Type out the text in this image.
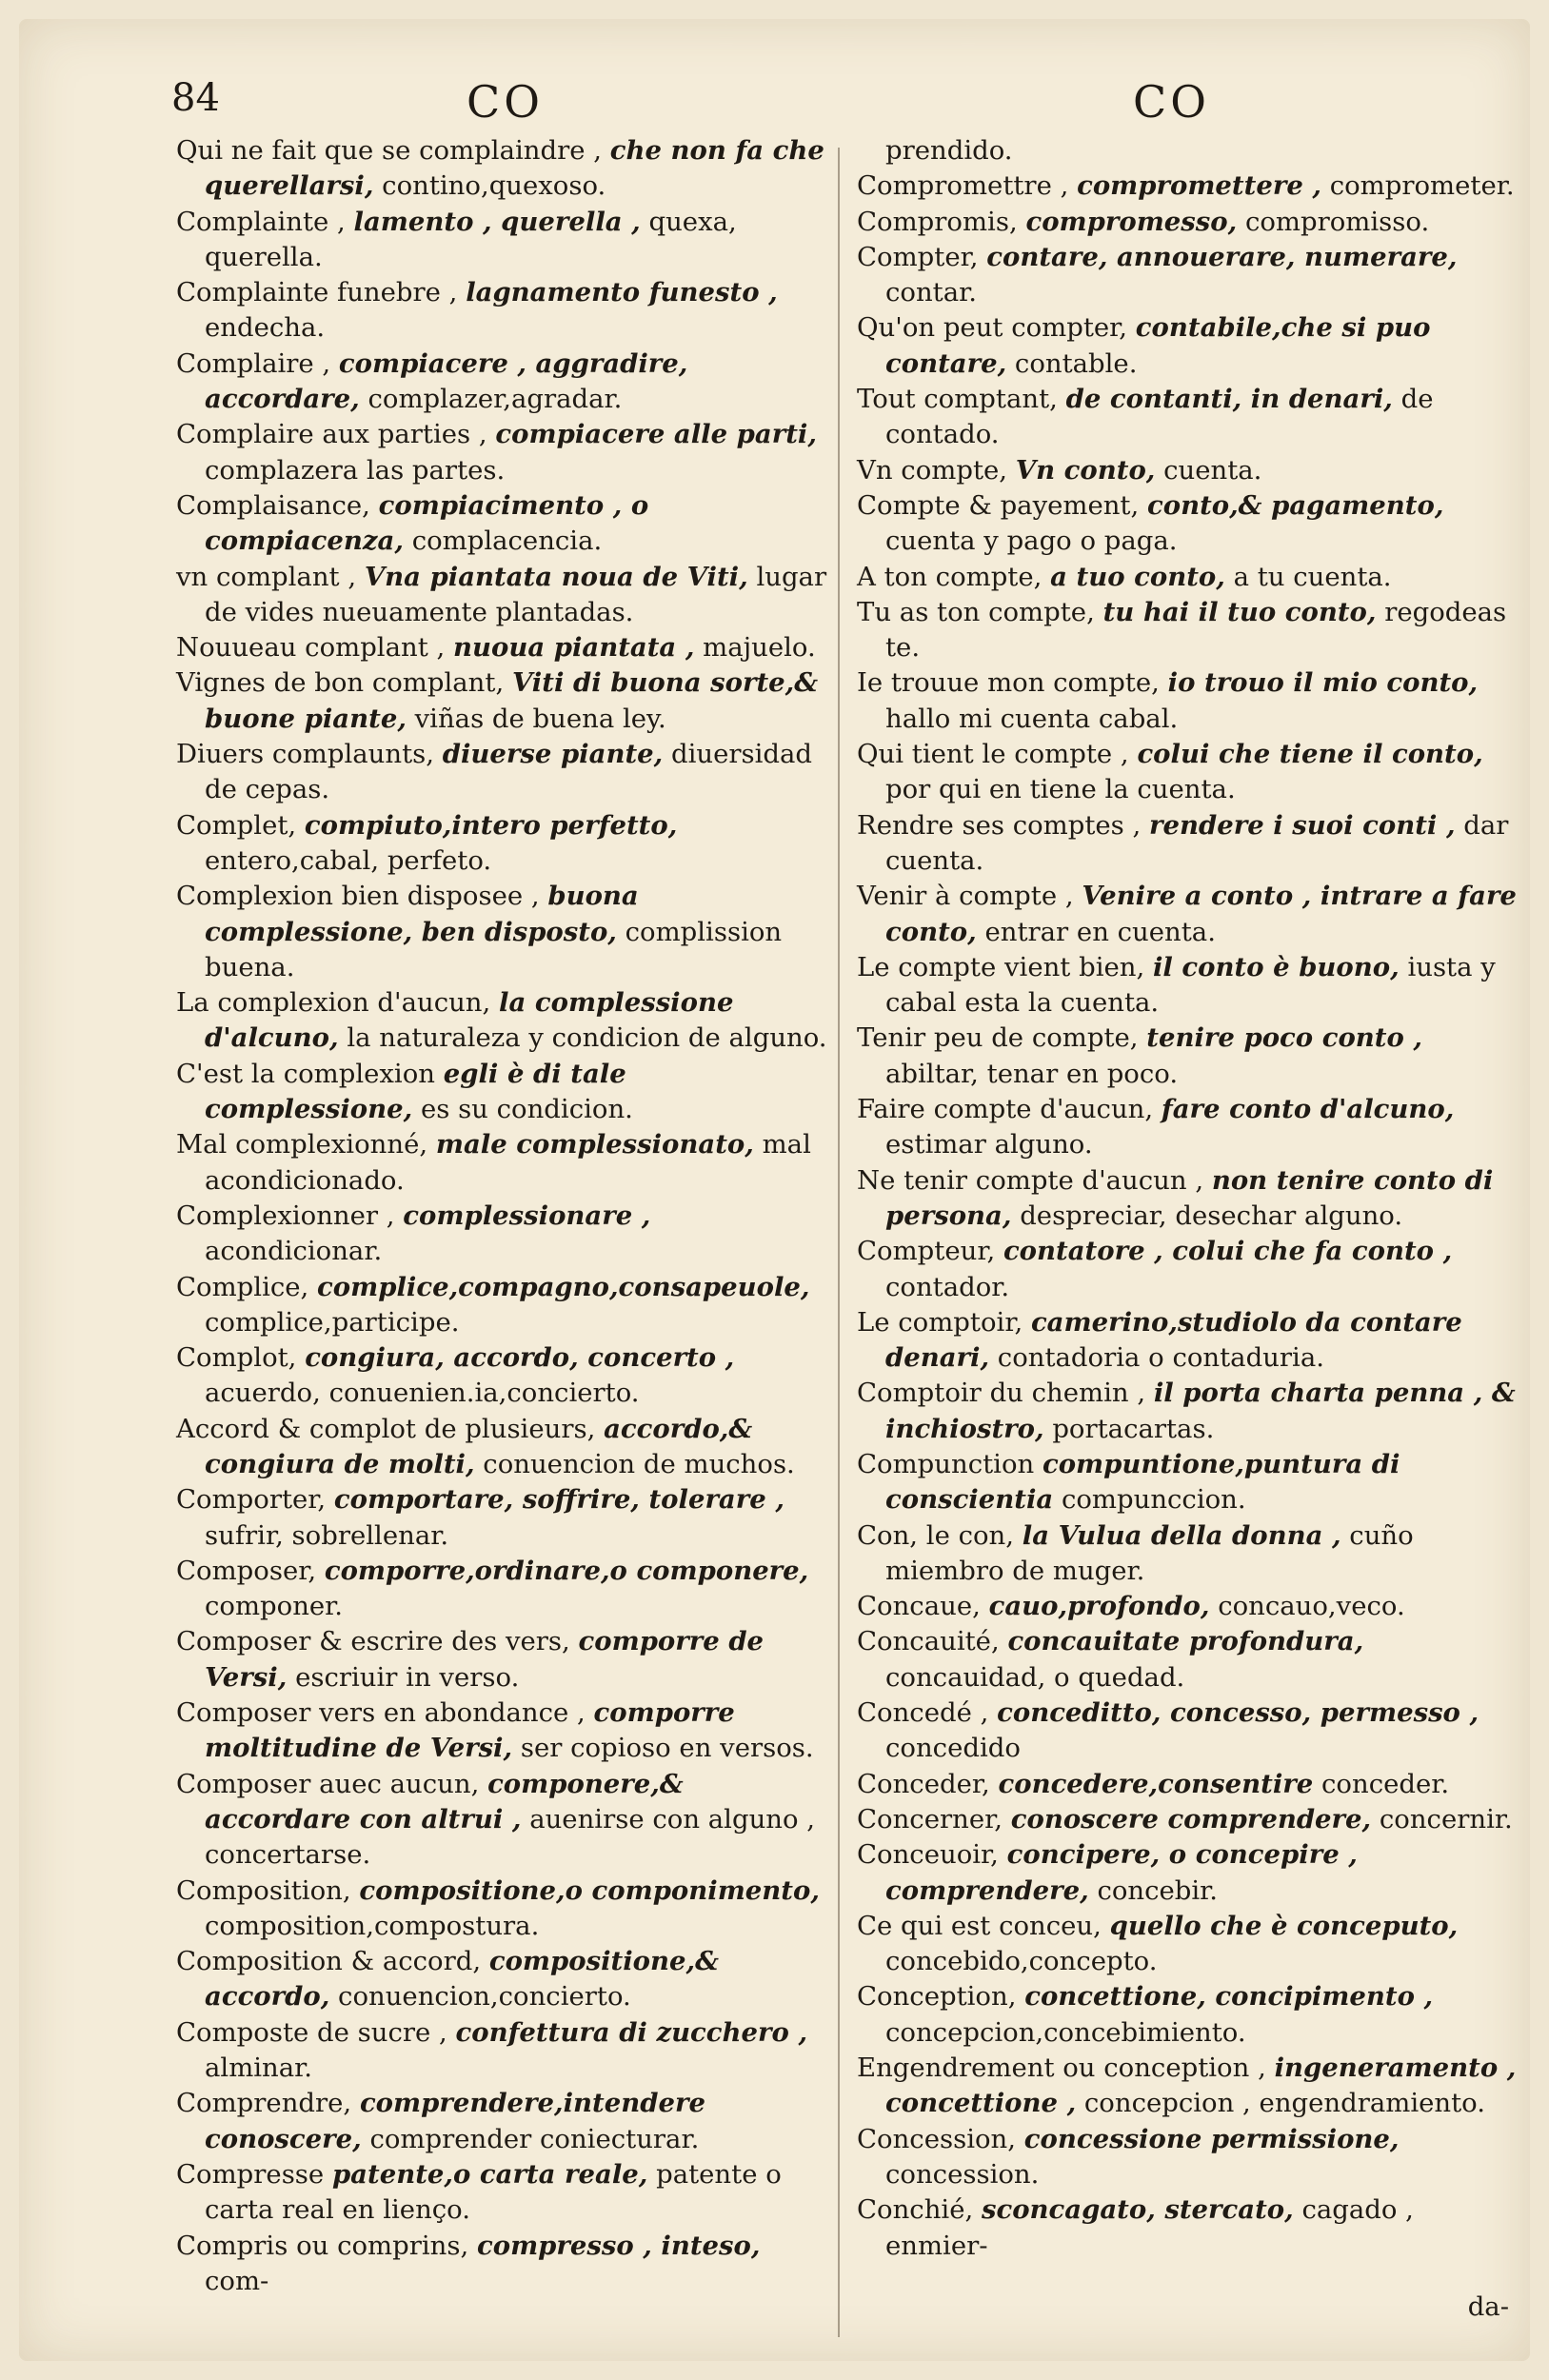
84	CO	CO

Qui ne fait que se complaindre , che non fa che querellarsi, contino,quexoso.

Complainte , lamento , querella , quexa, querella.

Complainte funebre , lagnamento funesto , endecha.

Complaire , compiacere , aggradire, accordare, complazer,agradar.

Complaire aux parties , compiacere alle parti, complazera las partes.

Complaisance, compiacimento , o compiacenza, complacencia.

vn complant , Vna piantata noua de Viti, lugar de vides nueuamente plantadas.

Nouueau complant , nuoua piantata , majuelo.

Vignes de bon complant, Viti di buona sorte,& buone piante, viñas de buena ley.

Diuers complaunts, diuerse piante, diuersidad de cepas.

Complet, compiuto,intero perfetto, entero,cabal, perfeto.

Complexion bien disposee , buona complessione, ben disposto, complission buena.

La complexion d'aucun, la complessione d'alcuno, la naturaleza y condicion de alguno.

C'est la complexion egli è di tale complessione, es su condicion.

Mal complexionné, male complessionato, mal acondicionado.

Complexionner , complessionare , acondicionar.

Complice, complice,compagno,consapeuole, complice,participe.

Complot, congiura, accordo, concerto , acuerdo, conuenien.ia,concierto.

Accord & complot de plusieurs, accordo,& congiura de molti, conuencion de muchos.

Comporter, comportare, soffrire, tolerare , sufrir, sobrellenar.

Composer, comporre,ordinare,o componere, componer.

Composer & escrire des vers, comporre de Versi, escriuir in verso.

Composer vers en abondance , comporre moltitudine de Versi, ser copioso en versos.

Composer auec aucun, componere,& accordare con altrui , auenirse con alguno , concertarse.

Composition, compositione,o componimento, composition,compostura.

Composition & accord, compositione,& accordo, conuencion,concierto.

Composte de sucre , confettura di zucchero , alminar.

Comprendre, comprendere,intendere conoscere, comprender coniecturar.

Compresse patente,o carta reale, patente o carta real en lienço.

Compris ou comprins, compresso , inteso, com-

prendido.

Compromettre , compromettere , comprometer.

Compromis, compromesso, compromisso.

Compter, contare, annouerare, numerare, contar.

Qu'on peut compter, contabile,che si puo contare, contable.

Tout comptant, de contanti, in denari, de contado.

Vn compte, Vn conto, cuenta.

Compte & payement, conto,& pagamento, cuenta y pago o paga.

A ton compte, a tuo conto, a tu cuenta.

Tu as ton compte, tu hai il tuo conto, regodeas te.

Ie trouue mon compte, io trouo il mio conto, hallo mi cuenta cabal.

Qui tient le compte , colui che tiene il conto, por qui en tiene la cuenta.

Rendre ses comptes , rendere i suoi conti , dar cuenta.

Venir à compte , Venire a conto , intrare a fare conto, entrar en cuenta.

Le compte vient bien, il conto è buono, iusta y cabal esta la cuenta.

Tenir peu de compte, tenire poco conto , abiltar, tenar en poco.

Faire compte d'aucun, fare conto d'alcuno, estimar alguno.

Ne tenir compte d'aucun , non tenire conto di persona, despreciar, desechar alguno.

Compteur, contatore , colui che fa conto , contador.

Le comptoir, camerino,studiolo da contare denari, contadoria o contaduria.

Comptoir du chemin , il porta charta penna , & inchiostro, portacartas.

Compunction compuntione,puntura di conscientia compunccion.

Con, le con, la Vulua della donna , cuño miembro de muger.

Concaue, cauo,profondo, concauo,veco.

Concauité, concauitate profondura, concauidad, o quedad.

Concedé , conceditto, concesso, permesso , concedido

Conceder, concedere,consentire conceder.

Concerner, conoscere comprendere, concernir.

Conceuoir, concipere, o concepire , comprendere, concebir.

Ce qui est conceu, quello che è conceputo, concebido,concepto.

Conception, concettione, concipimento , concepcion,concebimiento.

Engendrement ou conception , ingeneramento , concettione , concepcion , engendramiento.

Concession, concessione permissione, concession.

Conchié, sconcagato, stercato, cagado , enmier-

da-
